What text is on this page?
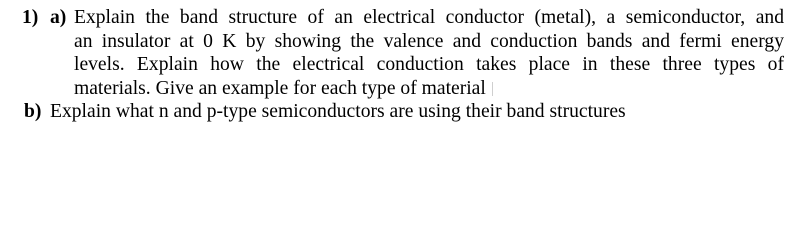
1) a) Explain the band structure of an electrical conductor (metal), a semiconductor, and
an insulator at 0 K by showing the valence and conduction bands and fermi energy
levels. Explain how the electrical conduction takes place in these three types of
materials. Give an example for each type of material
b) Explain what n and p-type semiconductors are using their band structures
